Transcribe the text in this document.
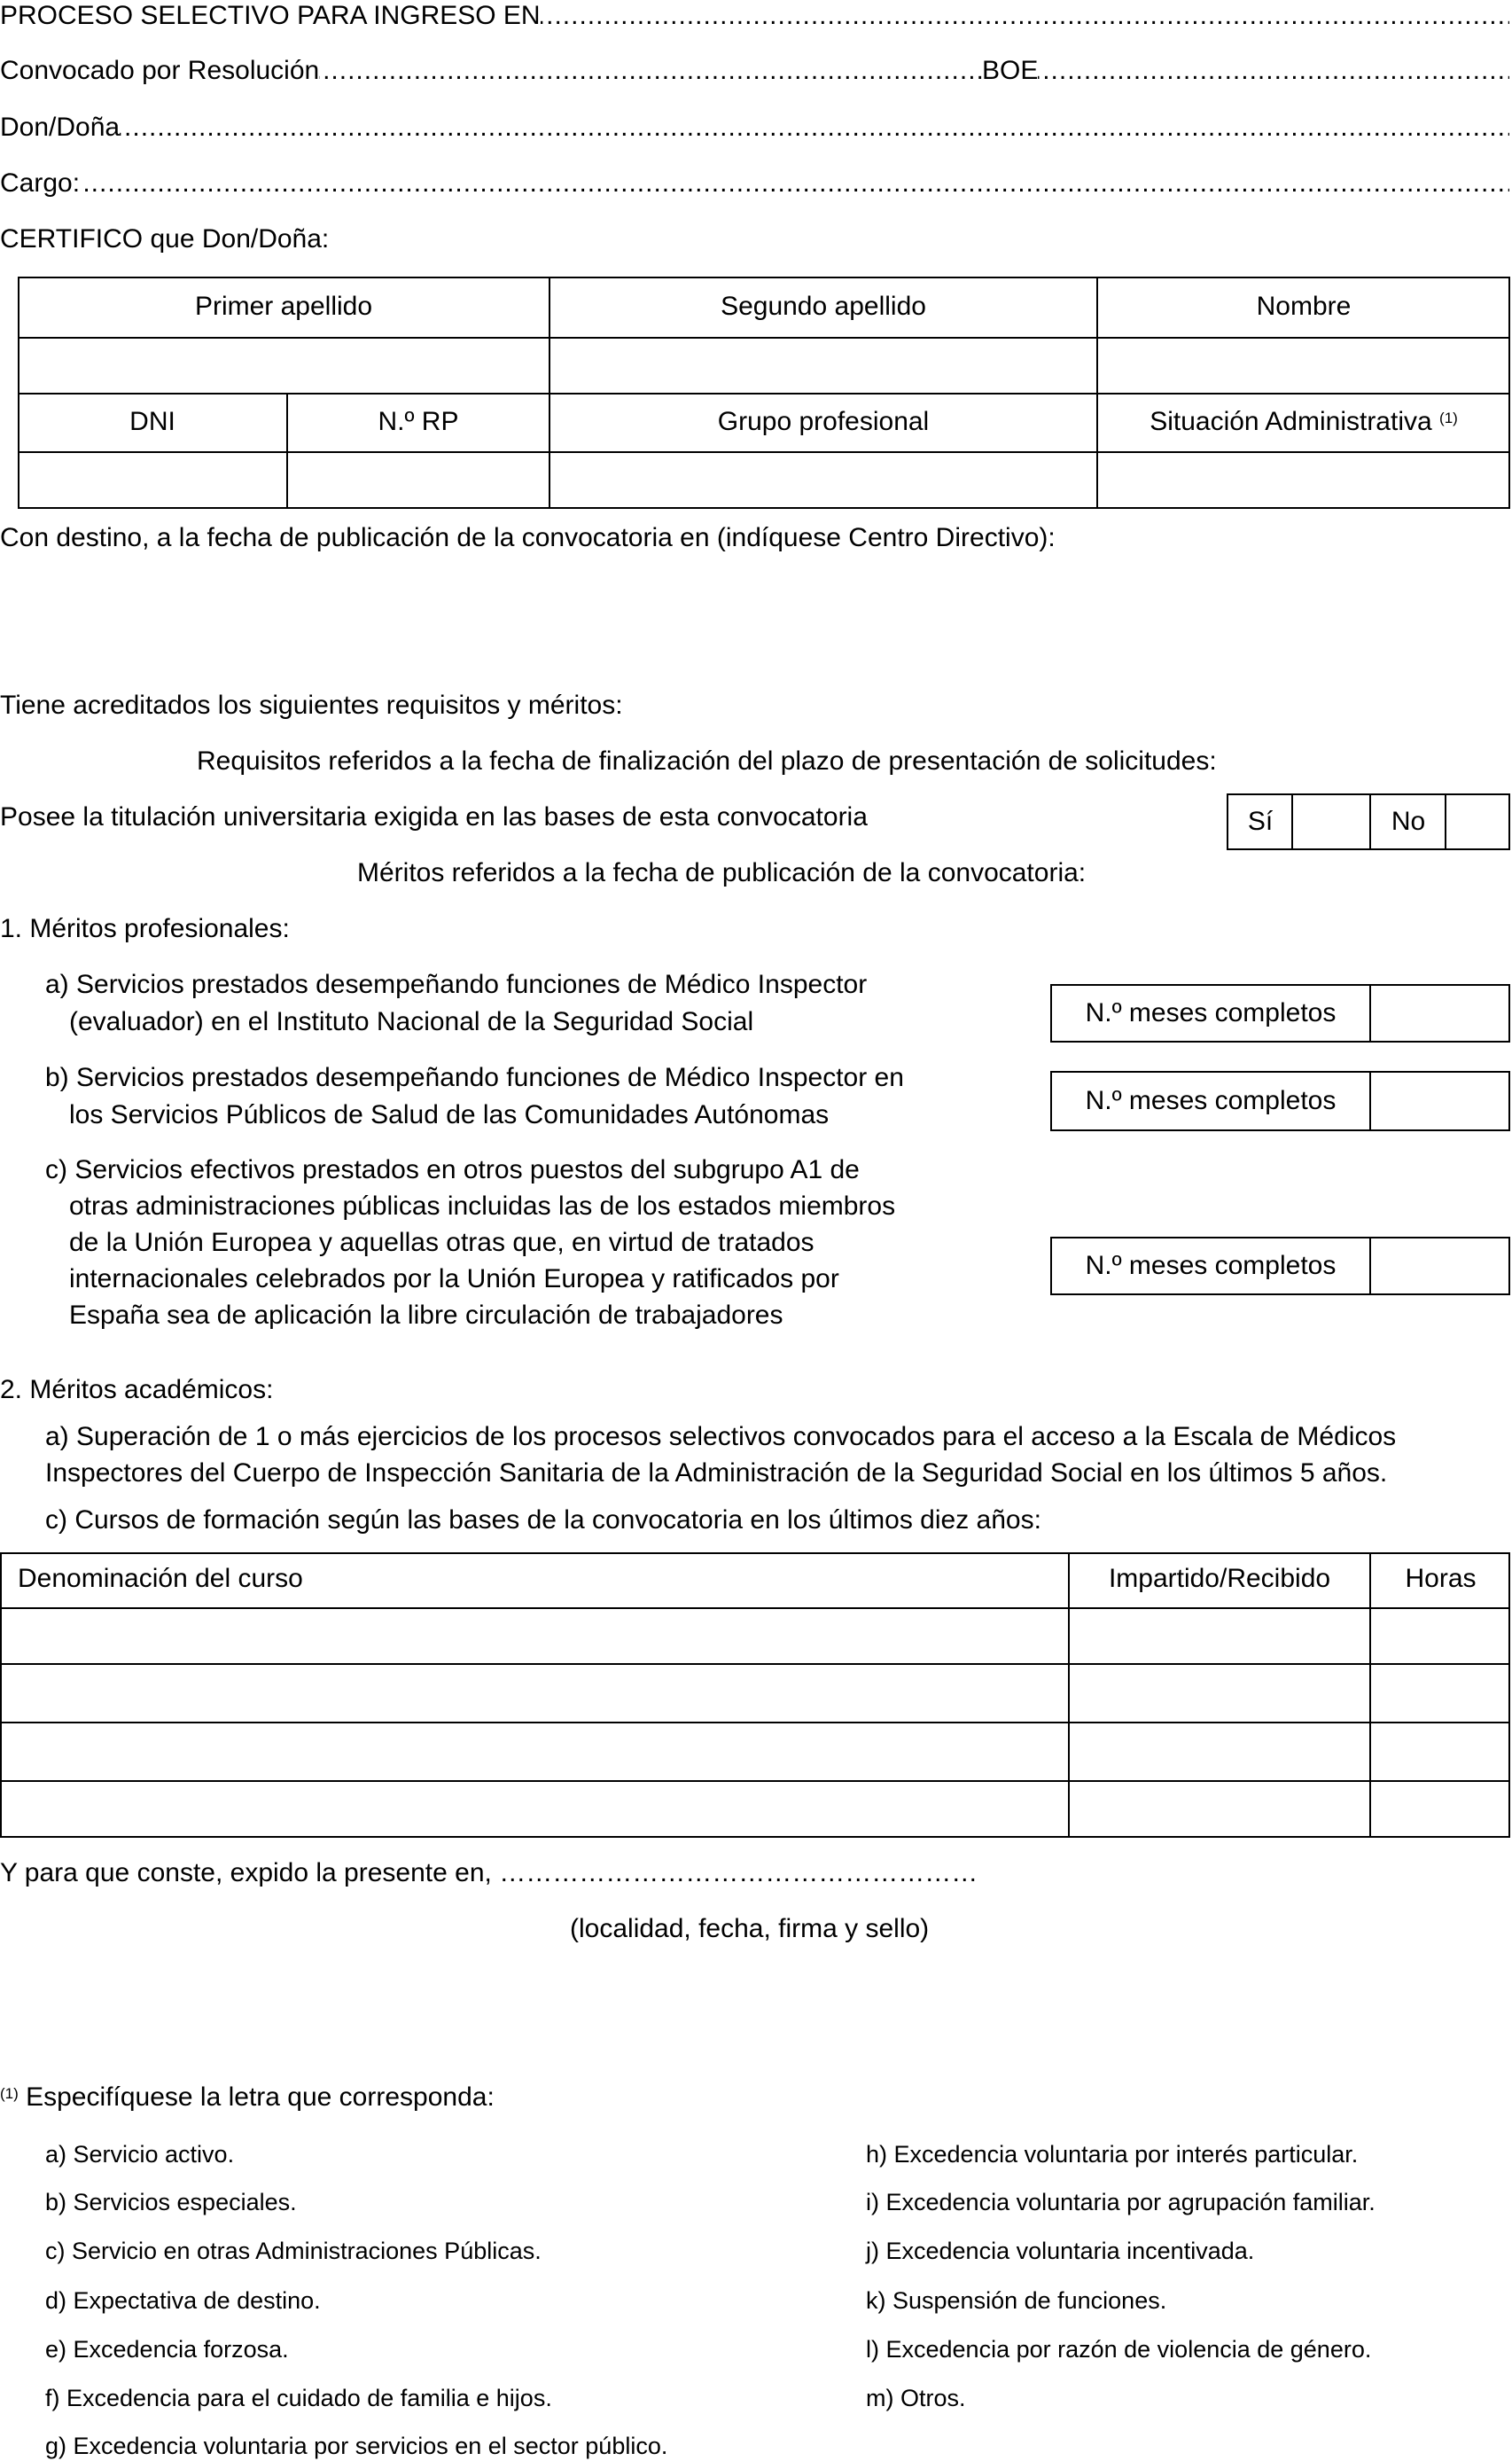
.....
PROCESO SELECTIVO PARA INGRESO EN
.....
Convocado por Resolución	BOE
.....
Don/Doña
.....
Cargo:
CERTIFICO que Don/Doña:
Primer apellido	Segundo apellido	Nombre
DNI	N.º RP	Grupo profesional	Situación Administrativa $^{(1)}$
Con destino, a la fecha de publicación de la convocatoria en (indíquese Centro Directivo):
Tiene acreditados los siguientes requisitos y méritos:
Requisitos referidos a la fecha de finalización del plazo de presentación de solicitudes:
Posee la titulación universitaria exigida en las bases de esta convocatoria	Sí	No
Méritos referidos a la fecha de publicación de la convocatoria:
1. Méritos profesionales:
a) Servicios prestados desempeñando funciones de Médico Inspector
(evaluador) en el Instituto Nacional de la Seguridad Social	N.º meses completos
b) Servicios prestados desempeñando funciones de Médico Inspector en
los Servicios Públicos de Salud de las Comunidades Autónomas	N.º meses completos
c) Servicios efectivos prestados en otros puestos del subgrupo A1 de
otras administraciones públicas incluidas las de los estados miembros
de la Unión Europea y aquellas otras que, en virtud de tratados
internacionales celebrados por la Unión Europea y ratificados por
España sea de aplicación la libre circulación de trabajadores
N.º meses completos
2. Méritos académicos:
a) Superación de 1 o más ejercicios de los procesos selectivos convocados para el acceso a la Escala de Médicos
Inspectores del Cuerpo de Inspección Sanitaria de la Administración de la Seguridad Social en los últimos 5 años.
c) Cursos de formación según las bases de la convocatoria en los últimos diez años:
Denominación del curso	Impartido/Recibido	Horas
Y para que conste, expido la presente en, ………………………………………………
(localidad, fecha, firma y sello)
$^{(1)}$ Especifíquese la letra que corresponda:
a) Servicio activo.
b) Servicios especiales.
c) Servicio en otras Administraciones Públicas.
d) Expectativa de destino.
e) Excedencia forzosa.
f) Excedencia para el cuidado de familia e hijos.
g) Excedencia voluntaria por servicios en el sector público.
h) Excedencia voluntaria por interés particular.
i) Excedencia voluntaria por agrupación familiar.
j) Excedencia voluntaria incentivada.
k) Suspensión de funciones.
l) Excedencia por razón de violencia de género.
m) Otros.
